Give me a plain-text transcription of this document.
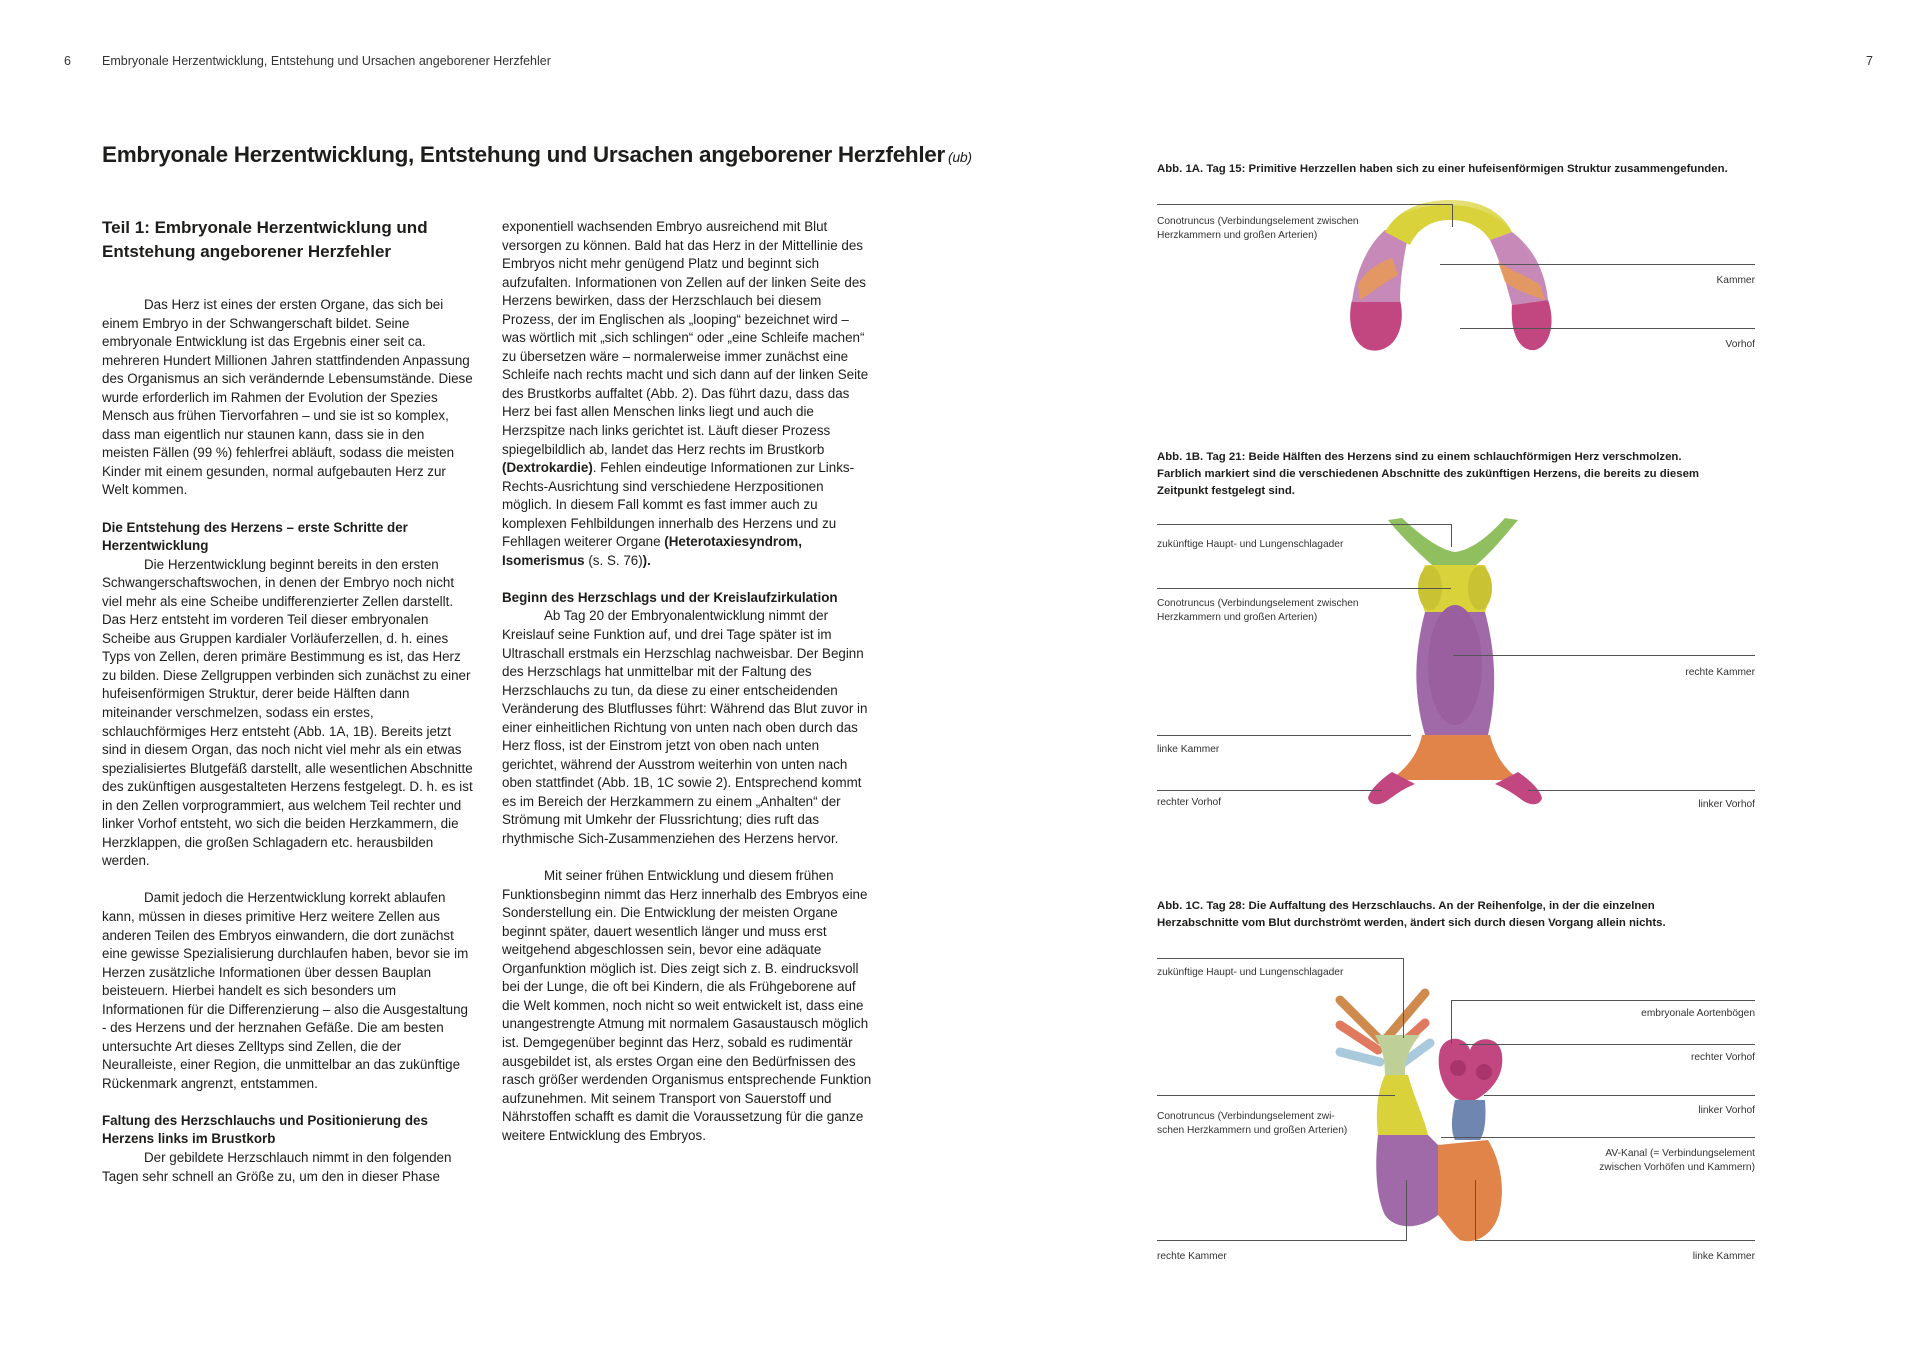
6 Embryonale Herzentwicklung, Entstehung und Ursachen angeborener Herzfehler	7
Embryonale Herzentwicklung, Entstehung und Ursachen angeborener Herzfehler (ub)
Teil 1: Embryonale Herzentwicklung und Entstehung angeborener Herzfehler

Das Herz ist eines der ersten Organe, das sich bei einem Embryo in der Schwangerschaft bildet. Seine embryonale Entwicklung ist das Ergebnis einer seit ca. mehreren Hundert Millionen Jahren stattfindenden Anpassung des Organismus an sich verändernde Lebensumstände. Diese wurde erforderlich im Rahmen der Evolution der Spezies Mensch aus frühen Tiervorfahren – und sie ist so komplex, dass man eigentlich nur staunen kann, dass sie in den meisten Fällen (99 %) fehlerfrei abläuft, sodass die meisten Kinder mit einem gesunden, normal aufgebauten Herz zur Welt kommen.

Die Entstehung des Herzens – erste Schritte der Herzentwicklung

Die Herzentwicklung beginnt bereits in den ersten Schwangerschaftswochen, in denen der Embryo noch nicht viel mehr als eine Scheibe undifferenzierter Zellen darstellt. Das Herz entsteht im vorderen Teil dieser embryonalen Scheibe aus Gruppen kardialer Vorläuferzellen, d. h. eines Typs von Zellen, deren primäre Bestimmung es ist, das Herz zu bilden. Diese Zellgruppen verbinden sich zunächst zu einer hufeisenförmigen Struktur, derer beide Hälften dann miteinander verschmelzen, sodass ein erstes, schlauchförmiges Herz entsteht (Abb. 1A, 1B). Bereits jetzt sind in diesem Organ, das noch nicht viel mehr als ein etwas spezialisiertes Blutgefäß darstellt, alle wesentlichen Abschnitte des zukünftigen ausgestalteten Herzens festgelegt. D. h. es ist in den Zellen vorprogrammiert, aus welchem Teil rechter und linker Vorhof entsteht, wo sich die beiden Herzkammern, die Herzklappen, die großen Schlagadern etc. herausbilden werden.

Damit jedoch die Herzentwicklung korrekt ablaufen kann, müssen in dieses primitive Herz weitere Zellen aus anderen Teilen des Embryos einwandern, die dort zunächst eine gewisse Spezialisierung durchlaufen haben, bevor sie im Herzen zusätzliche Informationen über dessen Bauplan beisteuern. Hierbei handelt es sich besonders um Informationen für die Differenzierung – also die Ausgestaltung - des Herzens und der herznahen Gefäße. Die am besten untersuchte Art dieses Zelltyps sind Zellen, die der Neuralleiste, einer Region, die unmittelbar an das zukünftige Rückenmark angrenzt, entstammen.

Faltung des Herzschlauchs und Positionierung des Herzens links im Brustkorb

Der gebildete Herzschlauch nimmt in den folgenden Tagen sehr schnell an Größe zu, um den in dieser Phase

exponentiell wachsenden Embryo ausreichend mit Blut versorgen zu können. Bald hat das Herz in der Mittellinie des Embryos nicht mehr genügend Platz und beginnt sich aufzufalten. Informationen von Zellen auf der linken Seite des Herzens bewirken, dass der Herzschlauch bei diesem Prozess, der im Englischen als „looping“ bezeichnet wird – was wörtlich mit „sich schlingen“ oder „eine Schleife machen“ zu übersetzen wäre – normalerweise immer zunächst eine Schleife nach rechts macht und sich dann auf der linken Seite des Brustkorbs auffaltet (Abb. 2). Das führt dazu, dass das Herz bei fast allen Menschen links liegt und auch die Herzspitze nach links gerichtet ist. Läuft dieser Prozess spiegelbildlich ab, landet das Herz rechts im Brustkorb (Dextrokardie). Fehlen eindeutige Informationen zur Links-Rechts-Ausrichtung sind verschiedene Herzpositionen möglich. In diesem Fall kommt es fast immer auch zu komplexen Fehlbildungen innerhalb des Herzens und zu Fehllagen weiterer Organe (Heterotaxiesyndrom, Isomerismus (s. S. 76)).

Beginn des Herzschlags und der Kreislaufzirkulation

Ab Tag 20 der Embryonalentwicklung nimmt der Kreislauf seine Funktion auf, und drei Tage später ist im Ultraschall erstmals ein Herzschlag nachweisbar. Der Beginn des Herzschlags hat unmittelbar mit der Faltung des Herzschlauchs zu tun, da diese zu einer entscheidenden Veränderung des Blutflusses führt: Während das Blut zuvor in einer einheitlichen Richtung von unten nach oben durch das Herz floss, ist der Einstrom jetzt von oben nach unten gerichtet, während der Ausstrom weiterhin von unten nach oben stattfindet (Abb. 1B, 1C sowie 2). Entsprechend kommt es im Bereich der Herzkammern zu einem „Anhalten“ der Strömung mit Umkehr der Flussrichtung; dies ruft das rhythmische Sich-Zusammenziehen des Herzens hervor.

Mit seiner frühen Entwicklung und diesem frühen Funktionsbeginn nimmt das Herz innerhalb des Embryos eine Sonderstellung ein. Die Entwicklung der meisten Organe beginnt später, dauert wesentlich länger und muss erst weitgehend abgeschlossen sein, bevor eine adäquate Organfunktion möglich ist. Dies zeigt sich z. B. eindrucksvoll bei der Lunge, die oft bei Kindern, die als Frühgeborene auf die Welt kommen, noch nicht so weit entwickelt ist, dass eine unangestrengte Atmung mit normalem Gasaustausch möglich ist. Demgegenüber beginnt das Herz, sobald es rudimentär ausgebildet ist, als erstes Organ eine den Bedürfnissen des rasch größer werdenden Organismus entsprechende Funktion aufzunehmen. Mit seinem Transport von Sauerstoff und Nährstoffen schafft es damit die Voraussetzung für die ganze weitere Entwicklung des Embryos.

Abb. 1A. Tag 15: Primitive Herzzellen haben sich zu einer hufeisenförmigen Struktur zusammengefunden.
Conotruncus (Verbindungselement zwischen
Herzkammern und großen Arterien)
Kammer
Vorhof
Abb. 1B. Tag 21: Beide Hälften des Herzens sind zu einem schlauchförmigen Herz verschmolzen.
Farblich markiert sind die verschiedenen Abschnitte des zukünftigen Herzens, die bereits zu diesem
Zeitpunkt festgelegt sind.
zukünftige Haupt- und Lungenschlagader
Conotruncus (Verbindungselement zwischen
Herzkammern und großen Arterien)
rechte Kammer
linke Kammer
rechter Vorhof	linker Vorhof
Abb. 1C. Tag 28: Die Auffaltung des Herzschlauchs. An der Reihenfolge, in der die einzelnen
Herzabschnitte vom Blut durchströmt werden, ändert sich durch diesen Vorgang allein nichts.
zukünftige Haupt- und Lungenschlagader
embryonale Aortenbögen
rechter Vorhof
linker Vorhof
Conotruncus (Verbindungselement zwi-
schen Herzkammern und großen Arterien)
AV-Kanal (= Verbindungselement
zwischen Vorhöfen und Kammern)
rechte Kammer	linke Kammer
